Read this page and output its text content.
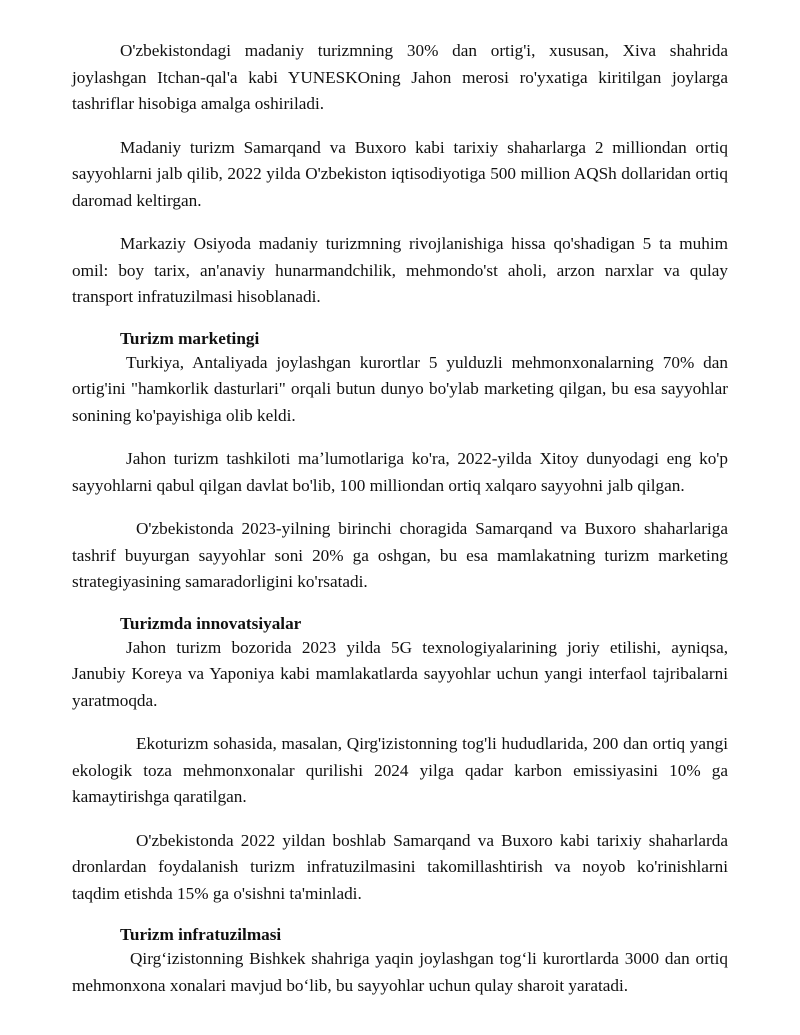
O'zbekistondagi madaniy turizmning 30% dan ortig'i, xususan, Xiva shahrida joylashgan Itchan-qal'a kabi YUNESKOning Jahon merosi ro'yxatiga kiritilgan joylarga tashriflar hisobiga amalga oshiriladi.

Madaniy turizm Samarqand va Buxoro kabi tarixiy shaharlarga 2 milliondan ortiq sayyohlarni jalb qilib, 2022 yilda O'zbekiston iqtisodiyotiga 500 million AQSh dollaridan ortiq daromad keltirgan.

Markaziy Osiyoda madaniy turizmning rivojlanishiga hissa qo'shadigan 5 ta muhim omil: boy tarix, an'anaviy hunarmandchilik, mehmondo'st aholi, arzon narxlar va qulay transport infratuzilmasi hisoblanadi.

Turizm marketingi

Turkiya, Antaliyada joylashgan kurortlar 5 yulduzli mehmonxonalarning 70% dan ortig'ini "hamkorlik dasturlari" orqali butun dunyo bo'ylab marketing qilgan, bu esa sayyohlar sonining ko'payishiga olib keldi.

Jahon turizm tashkiloti maʼlumotlariga ko'ra, 2022-yilda Xitoy dunyodagi eng ko'p sayyohlarni qabul qilgan davlat bo'lib, 100 milliondan ortiq xalqaro sayyohni jalb qilgan.

O'zbekistonda 2023-yilning birinchi choragida Samarqand va Buxoro shaharlariga tashrif buyurgan sayyohlar soni 20% ga oshgan, bu esa mamlakatning turizm marketing strategiyasining samaradorligini ko'rsatadi.

Turizmda innovatsiyalar

Jahon turizm bozorida 2023 yilda 5G texnologiyalarining joriy etilishi, ayniqsa, Janubiy Koreya va Yaponiya kabi mamlakatlarda sayyohlar uchun yangi interfaol tajribalarni yaratmoqda.

Ekoturizm sohasida, masalan, Qirg'izistonning tog'li hududlarida, 200 dan ortiq yangi ekologik toza mehmonxonalar qurilishi 2024 yilga qadar karbon emissiyasini 10% ga kamaytirishga qaratilgan.

O'zbekistonda 2022 yildan boshlab Samarqand va Buxoro kabi tarixiy shaharlarda dronlardan foydalanish turizm infratuzilmasini takomillashtirish va noyob ko'rinishlarni taqdim etishda 15% ga o'sishni ta'minladi.

Turizm infratuzilmasi

Qirgʻizistonning Bishkek shahriga yaqin joylashgan togʻli kurortlarda 3000 dan ortiq mehmonxona xonalari mavjud boʻlib, bu sayyohlar uchun qulay sharoit yaratadi.
